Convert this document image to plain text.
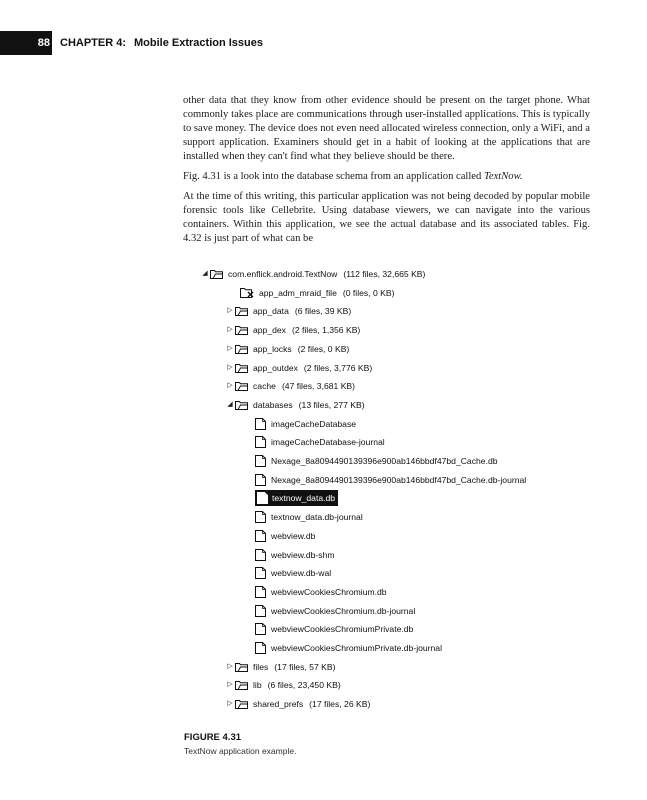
88 CHAPTER 4: Mobile Extraction Issues

other data that they know from other evidence should be present on the target phone. What commonly takes place are communications through user-installed applications. This is typically to save money. The device does not even need allocated wireless connection, only a WiFi, and a support application. Examiners should get in a habit of looking at the applications that are installed when they can't find what they believe should be there.

Fig. 4.31 is a look into the database schema from an application called TextNow.

At the time of this writing, this particular application was not being decoded by popular mobile forensic tools like Cellebrite. Using database viewers, we can navigate into the various containers. Within this application, we see the actual database and its associated tables. Fig. 4.32 is just part of what can be

◢ com.enflick.android.TextNow (112 files, 32,665 KB)
app_adm_mraid_file (0 files, 0 KB)
▷ app_data (6 files, 39 KB)
▷ app_dex (2 files, 1,356 KB)
▷ app_locks (2 files, 0 KB)
▷ app_outdex (2 files, 3,776 KB)
▷ cache (47 files, 3,681 KB)
◢ databases (13 files, 277 KB)
imageCacheDatabase
imageCacheDatabase-journal
Nexage_8a8094490139396e900ab146bbdf47bd_Cache.db
Nexage_8a8094490139396e900ab146bbdf47bd_Cache.db-journal
textnow_data.db
textnow_data.db-journal
webview.db
webview.db-shm
webview.db-wal
webviewCookiesChromium.db
webviewCookiesChromium.db-journal
webviewCookiesChromiumPrivate.db
webviewCookiesChromiumPrivate.db-journal
▷ files (17 files, 57 KB)
▷ lib (6 files, 23,450 KB)
▷ shared_prefs (17 files, 26 KB)
FIGURE 4.31
TextNow application example.
